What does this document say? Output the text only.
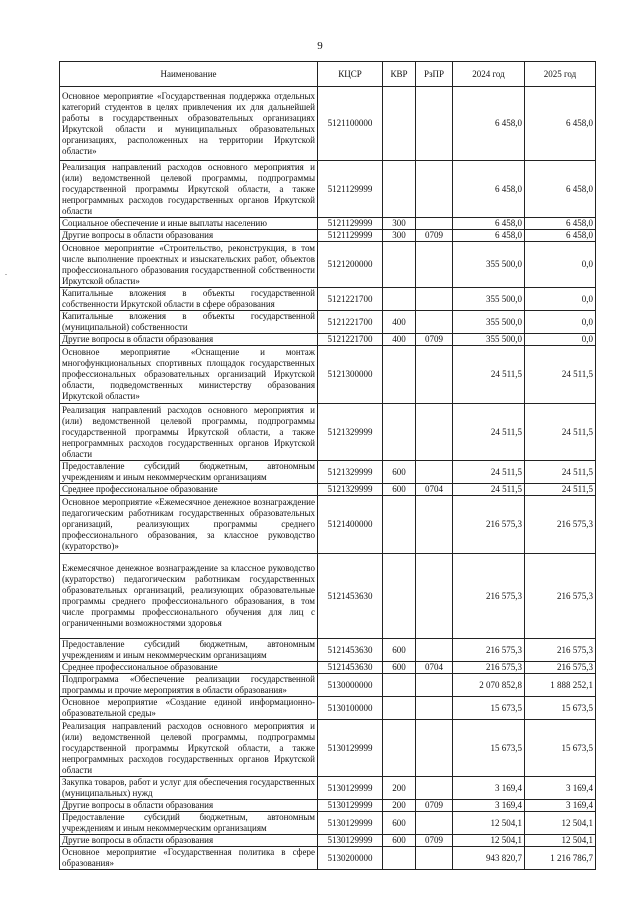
9
Наименование	КЦСР	КВР	РзПР	2024 год	2025 год
Основное мероприятие «Государственная поддержка отдельных категорий студентов в целях привлечения их для дальнейшей работы в государственных образовательных организациях Иркутской области и муниципальных образовательных организациях, расположенных на территории Иркутской области»	5121100000			6 458,0	6 458,0
Реализация направлений расходов основного мероприятия и (или) ведомственной целевой программы, подпрограммы государственной программы Иркутской области, а также непрограммных расходов государственных органов Иркутской области	5121129999			6 458,0	6 458,0
Социальное обеспечение и иные выплаты населению	5121129999	300		6 458,0	6 458,0
Другие вопросы в области образования	5121129999	300	0709	6 458,0	6 458,0
Основное мероприятие «Строительство, реконструкция, в том числе выполнение проектных и изыскательских работ, объектов профессионального образования государственной собственности Иркутской области»	5121200000			355 500,0	0,0
Капитальные вложения в объекты государственной собственности Иркутской области в сфере образования	5121221700			355 500,0	0,0
Капитальные вложения в объекты государственной (муниципальной) собственности	5121221700	400		355 500,0	0,0
Другие вопросы в области образования	5121221700	400	0709	355 500,0	0,0
Основное мероприятие «Оснащение и монтаж многофункциональных спортивных площадок государственных профессиональных образовательных организаций Иркутской области, подведомственных министерству образования Иркутской области»	5121300000			24 511,5	24 511,5
Реализация направлений расходов основного мероприятия и (или) ведомственной целевой программы, подпрограммы государственной программы Иркутской области, а также непрограммных расходов государственных органов Иркутской области	5121329999			24 511,5	24 511,5
Предоставление субсидий бюджетным, автономным учреждениям и иным некоммерческим организациям	5121329999	600		24 511,5	24 511,5
Среднее профессиональное образование	5121329999	600	0704	24 511,5	24 511,5
Основное мероприятие «Ежемесячное денежное вознаграждение педагогическим работникам государственных образовательных организаций, реализующих программы среднего профессионального образования, за классное руководство (кураторство)»	5121400000			216 575,3	216 575,3
Ежемесячное денежное вознаграждение за классное руководство (кураторство) педагогическим работникам государственных образовательных организаций, реализующих образовательные программы среднего профессионального образования, в том числе программы профессионального обучения для лиц с ограниченными возможностями здоровья	5121453630			216 575,3	216 575,3
Предоставление субсидий бюджетным, автономным учреждениям и иным некоммерческим организациям	5121453630	600		216 575,3	216 575,3
Среднее профессиональное образование	5121453630	600	0704	216 575,3	216 575,3
Подпрограмма «Обеспечение реализации государственной программы и прочие мероприятия в области образования»	5130000000			2 070 852,8	1 888 252,1
Основное мероприятие «Создание единой информационно-образовательной среды»	5130100000			15 673,5	15 673,5
Реализация направлений расходов основного мероприятия и (или) ведомственной целевой программы, подпрограммы государственной программы Иркутской области, а также непрограммных расходов государственных органов Иркутской области	5130129999			15 673,5	15 673,5
Закупка товаров, работ и услуг для обеспечения государственных (муниципальных) нужд	5130129999	200		3 169,4	3 169,4
Другие вопросы в области образования	5130129999	200	0709	3 169,4	3 169,4
Предоставление субсидий бюджетным, автономным учреждениям и иным некоммерческим организациям	5130129999	600		12 504,1	12 504,1
Другие вопросы в области образования	5130129999	600	0709	12 504,1	12 504,1
Основное мероприятие «Государственная политика в сфере образования»	5130200000			943 820,7	1 216 786,7
.
